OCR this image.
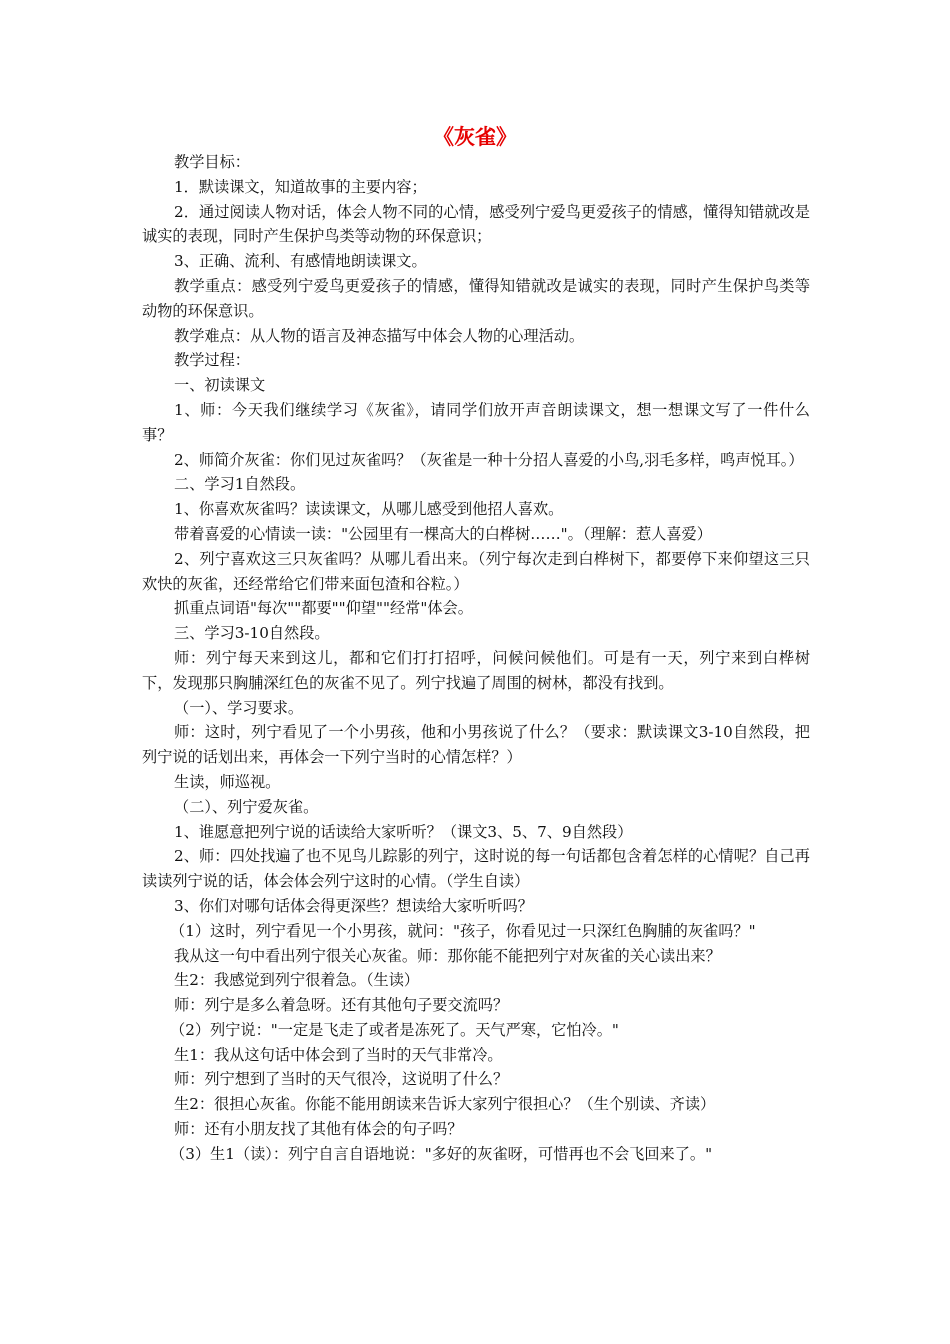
《灰雀》

教学目标：

1．默读课文，知道故事的主要内容；

2．通过阅读人物对话，体会人物不同的心情，感受列宁爱鸟更爱孩子的情感，懂得知错就改是诚实的表现，同时产生保护鸟类等动物的环保意识；

3、正确、流利、有感情地朗读课文。

教学重点：感受列宁爱鸟更爱孩子的情感，懂得知错就改是诚实的表现，同时产生保护鸟类等动物的环保意识。

教学难点：从人物的语言及神态描写中体会人物的心理活动。

教学过程：

一、初读课文

1、师：今天我们继续学习《灰雀》，请同学们放开声音朗读课文，想一想课文写了一件什么事？

2、师简介灰雀：你们见过灰雀吗？（灰雀是一种十分招人喜爱的小鸟,羽毛多样，鸣声悦耳。）

二、学习1自然段。

1、你喜欢灰雀吗？读读课文，从哪儿感受到他招人喜欢。

带着喜爱的心情读一读："公园里有一棵高大的白桦树……"。（理解：惹人喜爱）

2、列宁喜欢这三只灰雀吗？从哪儿看出来。（列宁每次走到白桦树下，都要停下来仰望这三只欢快的灰雀，还经常给它们带来面包渣和谷粒。）

抓重点词语"每次""都要""仰望""经常"体会。

三、学习3-10自然段。

师：列宁每天来到这儿，都和它们打打招呼，问候问候他们。可是有一天，列宁来到白桦树下，发现那只胸脯深红色的灰雀不见了。列宁找遍了周围的树林，都没有找到。

（一）、学习要求。

师：这时，列宁看见了一个小男孩，他和小男孩说了什么？（要求：默读课文3-10自然段，把列宁说的话划出来，再体会一下列宁当时的心情怎样？）

生读，师巡视。

（二）、列宁爱灰雀。

1、谁愿意把列宁说的话读给大家听听？（课文3、5、7、9自然段）

2、师：四处找遍了也不见鸟儿踪影的列宁，这时说的每一句话都包含着怎样的心情呢？自己再读读列宁说的话，体会体会列宁这时的心情。（学生自读）

3、你们对哪句话体会得更深些？想读给大家听听吗？

（1）这时，列宁看见一个小男孩，就问："孩子，你看见过一只深红色胸脯的灰雀吗？"

我从这一句中看出列宁很关心灰雀。师：那你能不能把列宁对灰雀的关心读出来？

生2：我感觉到列宁很着急。（生读）

师：列宁是多么着急呀。还有其他句子要交流吗？

（2）列宁说："一定是飞走了或者是冻死了。天气严寒，它怕冷。"

生1：我从这句话中体会到了当时的天气非常冷。

师：列宁想到了当时的天气很冷，这说明了什么？

生2：很担心灰雀。你能不能用朗读来告诉大家列宁很担心？（生个别读、齐读）

师：还有小朋友找了其他有体会的句子吗？

（3）生1（读）：列宁自言自语地说："多好的灰雀呀，可惜再也不会飞回来了。"
